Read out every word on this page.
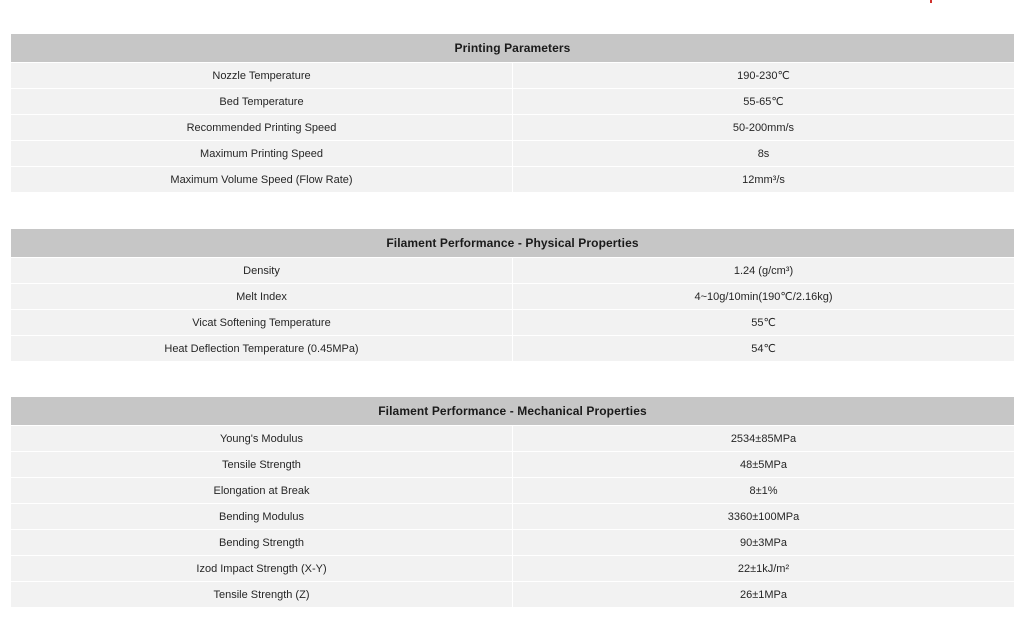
Printing Parameters
Nozzle Temperature	190-230℃
Bed Temperature	55-65℃
Recommended Printing Speed	50-200mm/s
Maximum Printing Speed	8s
Maximum Volume Speed (Flow Rate)	12mm³/s
Filament Performance - Physical Properties
Density	1.24 (g/cm³)
Melt Index	4~10g/10min(190℃/2.16kg)
Vicat Softening Temperature	55℃
Heat Deflection Temperature (0.45MPa)	54℃
Filament Performance - Mechanical Properties
Young's Modulus	2534±85MPa
Tensile Strength	48±5MPa
Elongation at Break	8±1%
Bending Modulus	3360±100MPa
Bending Strength	90±3MPa
Izod Impact Strength (X-Y)	22±1kJ/m²
Tensile Strength (Z)	26±1MPa
